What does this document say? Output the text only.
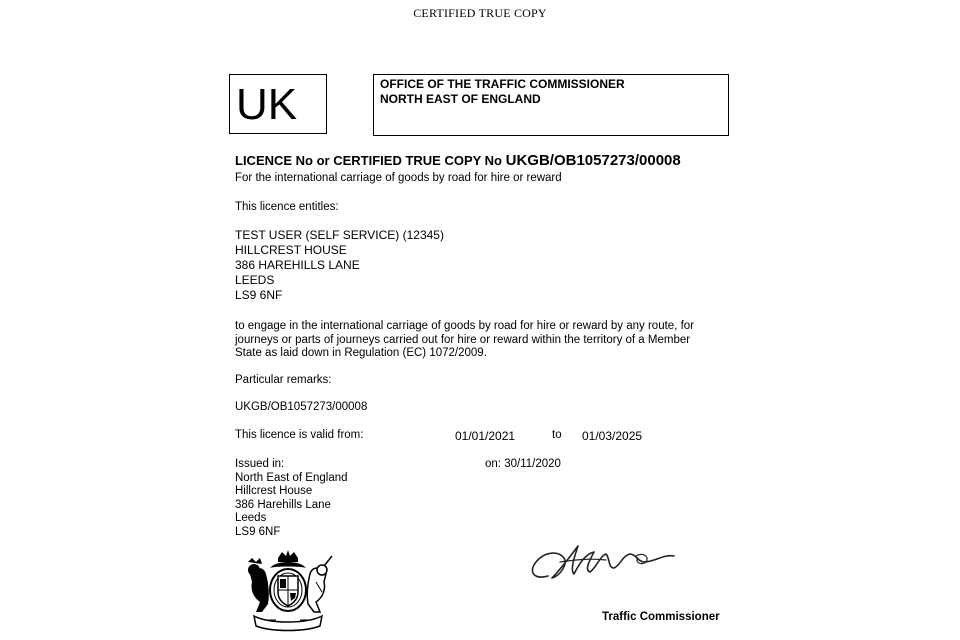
CERTIFIED TRUE COPY
UK	OFFICE OF THE TRAFFIC COMMISSIONER
NORTH EAST OF ENGLAND
LICENCE No or CERTIFIED TRUE COPY No UKGB/OB1057273/00008
For the international carriage of goods by road for hire or reward
This licence entitles:
TEST USER (SELF SERVICE) (12345)
HILLCREST HOUSE
386 HAREHILLS LANE
LEEDS
LS9 6NF
to engage in the international carriage of goods by road for hire or reward by any route, for
journeys or parts of journeys carried out for hire or reward within the territory of a Member
State as laid down in Regulation (EC) 1072/2009.
Particular remarks:
UKGB/OB1057273/00008
This licence is valid from:	01/01/2021	to 01/03/2025
Issued in:
North East of England
Hillcrest House
386 Harehills Lane
Leeds
LS9 6NF
on: 30/11/2020
Traffic Commissioner
